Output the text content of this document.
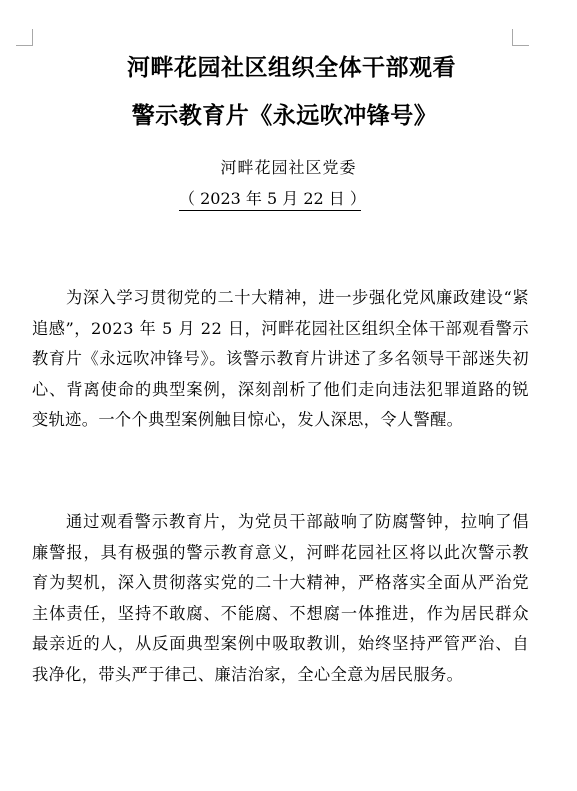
河畔花园社区组织全体干部观看
警示教育片《永远吹冲锋号》
河畔花园社区党委
（ 2023 年 5 月 22 日 ）

为深入学习贯彻党的二十大精神，进一步强化党风廉政建设“紧追感”，2023 年 5 月 22 日，河畔花园社区组织全体干部观看警示教育片《永远吹冲锋号》。该警示教育片讲述了多名领导干部迷失初心、背离使命的典型案例，深刻剖析了他们走向违法犯罪道路的锐变轨迹。一个个典型案例触目惊心，发人深思，令人警醒。

通过观看警示教育片，为党员干部敲响了防腐警钟，拉响了倡廉警报，具有极强的警示教育意义，河畔花园社区将以此次警示教育为契机，深入贯彻落实党的二十大精神，严格落实全面从严治党主体责任，坚持不敢腐、不能腐、不想腐一体推进，作为居民群众最亲近的人，从反面典型案例中吸取教训，始终坚持严管严治、自我净化，带头严于律己、廉洁治家，全心全意为居民服务。
